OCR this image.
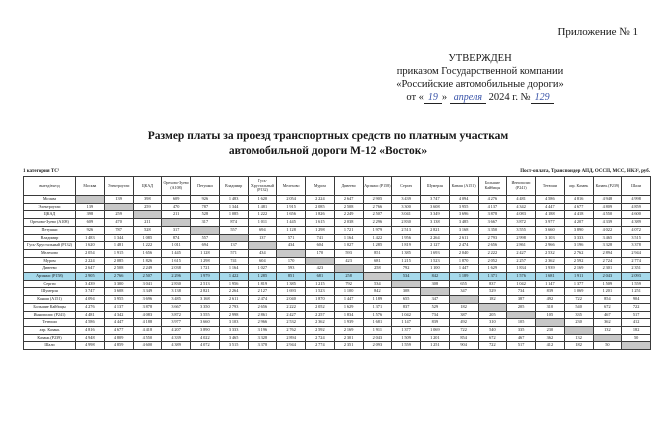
Приложение № 1
УТВЕРЖДЕН
приказом Государственной компании
«Российские автомобильные дороги»
от « 19 » апреля 2024 г. № 129
Размер платы за проезд транспортных средств по платным участкам
автомобильной дороги М-12 «Восток»
1 категория ТС¹	Пост-оплата, Транспондер АПД, ОССП, МСС, НКЗ², руб.
выезд/въезд	Москва	Электроугли	ЦКАД	Орехово-Зуево (А108)	Петушки	Владимир	Гусь-Хрустальный (Р132)	Мелехово	Муром	Дивеево	Арзамас (Р158)	Сергач	Шумерля	Канаш (А151)	Большие Кайбицы	Иннополис (Р241)	Тетюши	аэр. Казань	Казань (Р239)	Шали
Москва		139	398	609	926	1 483	1 620	2 054	2 224	2 647	2 905	3 439	3 747	4 094	4 276	4 481	4 586	4 816	4 948	4 998
Электроугли	139		259	470	787	1 344	1 481	1 915	2 085	2 508	2 766	3 300	3 608	3 955	4 137	4 342	4 447	4 677	4 809	4 859
ЦКАД	398	259		211	528	1 085	1 222	1 656	1 826	2 249	2 507	3 041	3 349	3 696	3 878	4 083	4 188	4 418	4 550	4 600
Орехово-Зуево (А108)	609	470	211		317	874	1 011	1 445	1 615	2 038	2 296	2 830	3 138	3 485	3 667	3 872	3 977	4 207	4 339	4 389
Петушки	926	787	528	317		557	694	1 128	1 298	1 721	1 979	2 513	2 821	3 168	3 350	3 555	3 660	3 890	4 022	4 072
Владимир	1 483	1 344	1 085	874	557		137	571	741	1 164	1 422	1 956	2 264	2 611	2 793	2 998	3 103	3 333	3 465	3 515
Гусь-Хрустальный (Р132)	1 620	1 481	1 222	1 011	694	137		434	604	1 027	1 285	1 819	2 127	2 474	2 656	2 861	2 966	3 196	3 328	3 378
Мелехово	2 054	1 915	1 656	1 445	1 128	571	434		170	593	851	1 385	1 693	2 040	2 222	2 427	2 532	2 762	2 894	2 944
Муром	2 224	2 085	1 826	1 615	1 298	741	604	170		423	681	1 215	1 523	1 870	2 052	2 257	2 362	2 592	2 724	2 774
Дивеево	2 647	2 508	2 249	2 038	1 721	1 164	1 027	593	423		258	792	1 100	1 447	1 629	1 834	1 939	2 169	2 301	2 351
Арзамас (Р158)	2 905	2 766	2 507	2 296	1 979	1 422	1 285	851	681	258		534	842	1 189	1 371	1 576	1 681	1 911	2 043	2 093
Сергач	3 439	3 300	3 041	2 830	2 513	1 956	1 819	1 385	1 215	792	534		308	655	837	1 042	1 147	1 377	1 509	1 559
Шумерля	3 747	3 608	3 349	3 138	2 821	2 264	2 127	1 693	1 523	1 100	842	308		347	529	734	839	1 069	1 201	1 251
Канаш (А151)	4 094	3 955	3 696	3 485	3 168	2 611	2 474	2 040	1 870	1 447	1 189	655	347		182	387	492	722	854	904
Большие Кайбицы	4 276	4 137	3 878	3 667	3 350	2 793	2 656	2 222	2 052	1 629	1 371	837	529	182		205	310	540	672	722
Иннополис (Р241)	4 481	4 342	4 083	3 872	3 555	2 998	2 861	2 427	2 257	1 834	1 576	1 042	734	387	205		105	335	467	517
Тетюши	4 586	4 447	4 188	3 977	3 660	3 103	2 966	2 532	2 362	1 939	1 681	1 147	839	492	310	105		230	362	412
аэр. Казань	4 816	4 677	4 418	4 207	3 890	3 333	3 196	2 762	2 592	2 169	1 911	1 377	1 069	722	540	335	230		132	182
Казань (Р239)	4 948	4 809	4 550	4 339	4 022	3 465	3 328	2 894	2 724	2 301	2 043	1 509	1 201	854	672	467	362	132		50
Шали	4 998	4 859	4 600	4 389	4 072	3 515	3 378	2 944	2 774	2 351	2 093	1 559	1 251	904	722	517	412	182	50	
